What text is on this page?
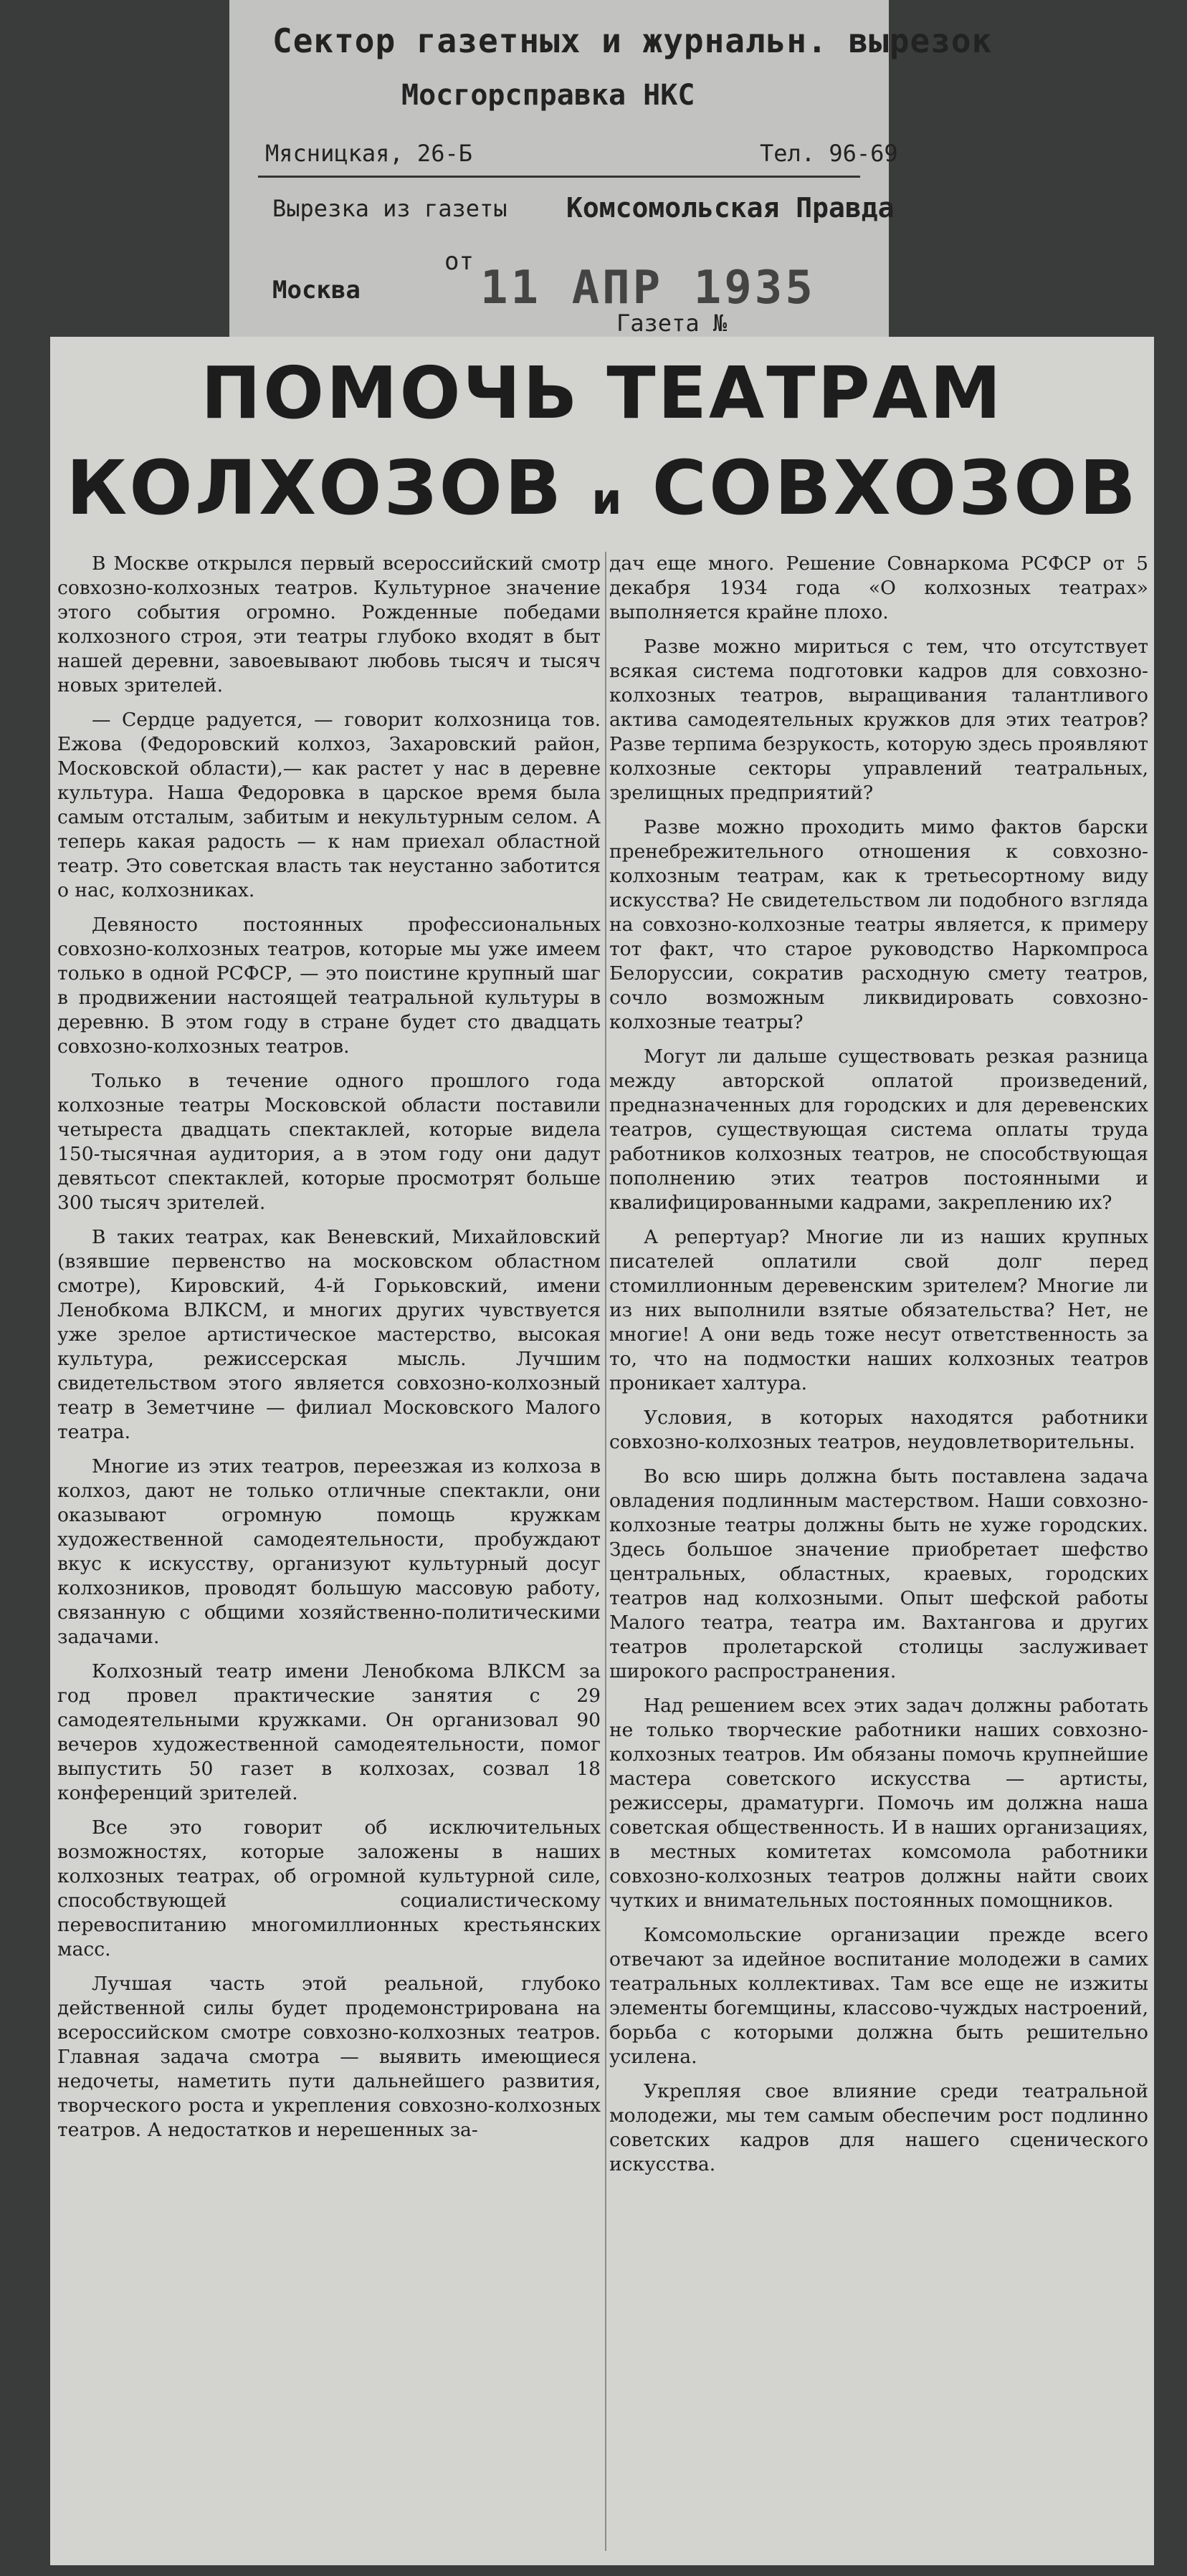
Сектор газетных и журнальн. вырезок
Мосгорсправка НКС
Мясницкая, 26-Б	Тел. 96-69
Вырезка из газеты Комсомольская Правда
от
Москва	11 АПР 1935
Газета №
ПОМОЧЬ ТЕАТРАМ
КОЛХОЗОВ и СОВХОЗОВ

В Москве открылся первый всероссийский смотр совхозно-колхозных театров. Культурное значение этого события огромно. Рожденные победами колхозного строя, эти театры глубоко входят в быт нашей деревни, завоевывают любовь тысяч и тысяч новых зрителей.

— Сердце радуется, — говорит колхозница тов. Ежова (Федоровский колхоз, Захаровский район, Московской области),— как растет у нас в деревне культура. Наша Федоровка в царское время была самым отсталым, забитым и некультурным селом. А теперь какая радость — к нам приехал областной театр. Это советская власть так неустанно заботится о нас, колхозниках.

Девяносто постоянных профессиональных совхозно-колхозных театров, которые мы уже имеем только в одной РСФСР, — это поистине крупный шаг в продвижении настоящей театральной культуры в деревню. В этом году в стране будет сто двадцать совхозно-колхозных театров.

Только в течение одного прошлого года колхозные театры Московской области поставили четыреста двадцать спектаклей, которые видела 150-тысячная аудитория, а в этом году они дадут девятьсот спектаклей, которые просмотрят больше 300 тысяч зрителей.

В таких театрах, как Веневский, Михайловский (взявшие первенство на московском областном смотре), Кировский, 4-й Горьковский, имени Ленобкома ВЛКСМ, и многих других чувствуется уже зрелое артистическое мастерство, высокая культура, режиссерская мысль. Лучшим свидетельством этого является совхозно-колхозный театр в Земетчине — филиал Московского Малого театра.

Многие из этих театров, переезжая из колхоза в колхоз, дают не только отличные спектакли, они оказывают огромную помощь кружкам художественной самодеятельности, пробуждают вкус к искусству, организуют культурный досуг колхозников, проводят большую массовую работу, связанную с общими хозяйственно-политическими задачами.

Колхозный театр имени Ленобкома ВЛКСМ за год провел практические занятия с 29 самодеятельными кружками. Он организовал 90 вечеров художественной самодеятельности, помог выпустить 50 газет в колхозах, созвал 18 конференций зрителей.

Все это говорит об исключительных возможностях, которые заложены в наших колхозных театрах, об огромной культурной силе, способствующей социалистическому перевоспитанию многомиллионных крестьянских масс.

Лучшая часть этой реальной, глубоко действенной силы будет продемонстрирована на всероссийском смотре совхозно-колхозных театров. Главная задача смотра — выявить имеющиеся недочеты, наметить пути дальнейшего развития, творческого роста и укрепления совхозно-колхозных театров. А недостатков и нерешенных за-

дач еще много. Решение Совнаркома РСФСР от 5 декабря 1934 года «О колхозных театрах» выполняется крайне плохо.

Разве можно мириться с тем, что отсутствует всякая система подготовки кадров для совхозно-колхозных театров, выращивания талантливого актива самодеятельных кружков для этих театров? Разве терпима безрукость, которую здесь проявляют колхозные секторы управлений театральных, зрелищных предприятий?

Разве можно проходить мимо фактов барски пренебрежительного отношения к совхозно-колхозным театрам, как к третьесортному виду искусства? Не свидетельством ли подобного взгляда на совхозно-колхозные театры является, к примеру тот факт, что старое руководство Наркомпроса Белоруссии, сократив расходную смету театров, сочло возможным ликвидировать совхозно-колхозные театры?

Могут ли дальше существовать резкая разница между авторской оплатой произведений, предназначенных для городских и для деревенских театров, существующая система оплаты труда работников колхозных театров, не способствующая пополнению этих театров постоянными и квалифицированными кадрами, закреплению их?

А репертуар? Многие ли из наших крупных писателей оплатили свой долг перед стомиллионным деревенским зрителем? Многие ли из них выполнили взятые обязательства? Нет, не многие! А они ведь тоже несут ответственность за то, что на подмостки наших колхозных театров проникает халтура.

Условия, в которых находятся работники совхозно-колхозных театров, неудовлетворительны.

Во всю ширь должна быть поставлена задача овладения подлинным мастерством. Наши совхозно-колхозные театры должны быть не хуже городских. Здесь большое значение приобретает шефство центральных, областных, краевых, городских театров над колхозными. Опыт шефской работы Малого театра, театра им. Вахтангова и других театров пролетарской столицы заслуживает широкого распространения.

Над решением всех этих задач должны работать не только творческие работники наших совхозно-колхозных театров. Им обязаны помочь крупнейшие мастера советского искусства — артисты, режиссеры, драматурги. Помочь им должна наша советская общественность. И в наших организациях, в местных комитетах комсомола работники совхозно-колхозных театров должны найти своих чутких и внимательных постоянных помощников.

Комсомольские организации прежде всего отвечают за идейное воспитание молодежи в самих театральных коллективах. Там все еще не изжиты элементы богемщины, классово-чуждых настроений, борьба с которыми должна быть решительно усилена.

Укрепляя свое влияние среди театральной молодежи, мы тем самым обеспечим рост подлинно советских кадров для нашего сценического искусства.
